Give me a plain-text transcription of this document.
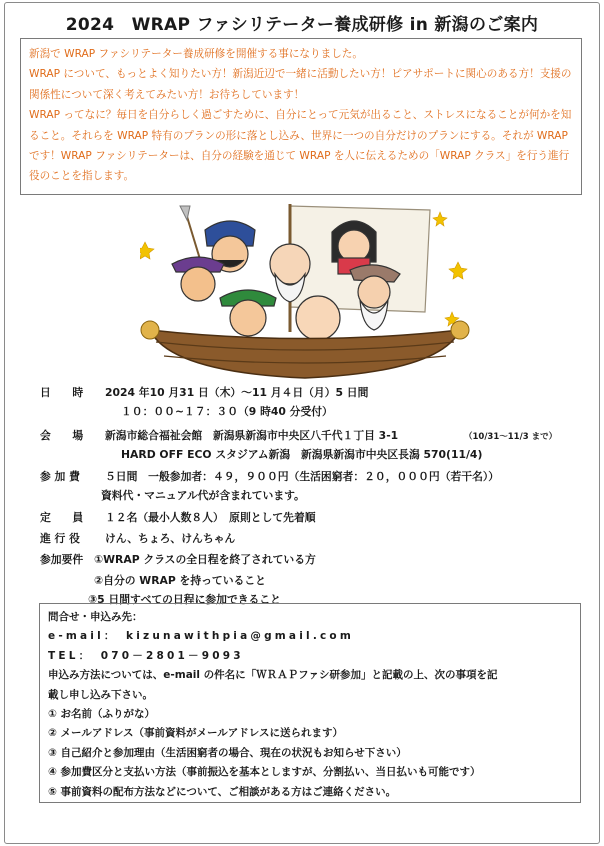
2024　WRAP ファシリテーター養成研修 in 新潟のご案内

新潟で WRAP ファシリテーター養成研修を開催する事になりました。

WRAP について、もっとよく知りたい方！新潟近辺で一緒に活動したい方！ピアサポートに関心のある方！支援の関係性について深く考えてみたい方！お待ちしています！

WRAP ってなに？毎日を自分らしく過ごすために、自分にとって元気が出ること、ストレスになることが何かを知ること。それらを WRAP 特有のプランの形に落とし込み、世界に一つの自分だけのプランにする。それが WRAP です！WRAP ファシリテーターは、自分の経験を通じて WRAP を人に伝えるための「WRAP クラス」を行う進行役のことを指します。

日　　時 2024 年10 月31 日（木）～11 月４日（月）5 日間
１０：００~１７：３０（9 時40 分受付）
会　　場 新潟市総合福祉会館　新潟県新潟市中央区八千代１丁目 3-1	（10/31～11/3 まで）
HARD OFF ECO スタジアム新潟　新潟県新潟市中央区長潟 570(11/4)
参 加 費 ５日間　一般参加者：４９，９００円（生活困窮者：２０，０００円（若干名））
資料代・マニュアル代が含まれています。
定　　員 １２名（最小人数８人）　原則として先着順
進 行 役 けん、ちょろ、けんちゃん
参加要件 ①WRAP クラスの全日程を終了されている方
②自分の WRAP を持っていること
③5 日間すべての日程に参加できること
問合せ・申込み先：
e-mail：　kizunawithpia@gmail.com
TEL：　070－2801－9093
申込み方法については、e-mail の件名に「ＷＲＡＰファシ研参加」と記載の上、次の事項を記
載し申し込み下さい。
① お名前（ふりがな）
② メールアドレス（事前資料がメールアドレスに送られます）
③ 自己紹介と参加理由（生活困窮者の場合、現在の状況もお知らせ下さい）
④ 参加費区分と支払い方法（事前振込を基本としますが、分割払い、当日払いも可能です）
⑤ 事前資料の配布方法などについて、ご相談がある方はご連絡ください。
